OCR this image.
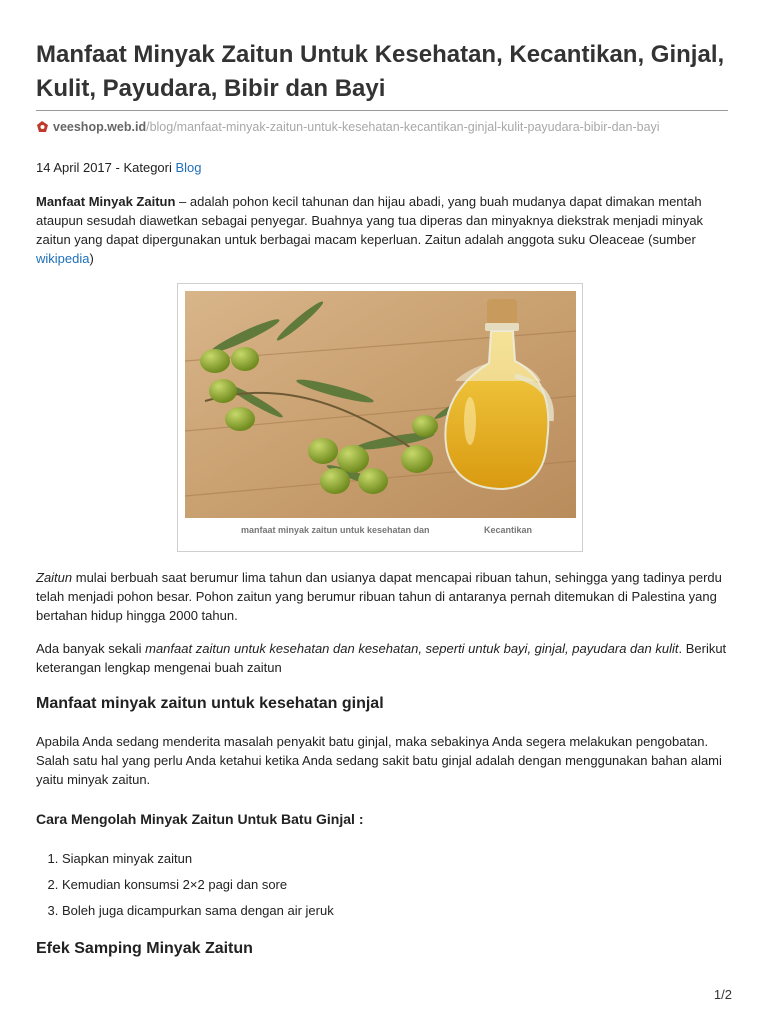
Manfaat Minyak Zaitun Untuk Kesehatan, Kecantikan, Ginjal, Kulit, Payudara, Bibir dan Bayi
veeshop.web.id/blog/manfaat-minyak-zaitun-untuk-kesehatan-kecantikan-ginjal-kulit-payudara-bibir-dan-bayi
14 April 2017 - Kategori Blog

Manfaat Minyak Zaitun – adalah pohon kecil tahunan dan hijau abadi, yang buah mudanya dapat dimakan mentah ataupun sesudah diawetkan sebagai penyegar. Buahnya yang tua diperas dan minyaknya diekstrak menjadi minyak zaitun yang dapat dipergunakan untuk berbagai macam keperluan. Zaitun adalah anggota suku Oleaceae (sumber wikipedia)

manfaat minyak zaitun untuk kesehatan dan	Kecantikan

Zaitun mulai berbuah saat berumur lima tahun dan usianya dapat mencapai ribuan tahun, sehingga yang tadinya perdu telah menjadi pohon besar. Pohon zaitun yang berumur ribuan tahun di antaranya pernah ditemukan di Palestina yang bertahan hidup hingga 2000 tahun.

Ada banyak sekali manfaat zaitun untuk kesehatan dan kesehatan, seperti untuk bayi, ginjal, payudara dan kulit. Berikut keterangan lengkap mengenai buah zaitun

Manfaat minyak zaitun untuk kesehatan ginjal

Apabila Anda sedang menderita masalah penyakit batu ginjal, maka sebakinya Anda segera melakukan pengobatan. Salah satu hal yang perlu Anda ketahui ketika Anda sedang sakit batu ginjal adalah dengan menggunakan bahan alami yaitu minyak zaitun.

Cara Mengolah Minyak Zaitun Untuk Batu Ginjal :
1. Siapkan minyak zaitun
2. Kemudian konsumsi 2×2 pagi dan sore
3. Boleh juga dicampurkan sama dengan air jeruk
Efek Samping Minyak Zaitun
1/2
